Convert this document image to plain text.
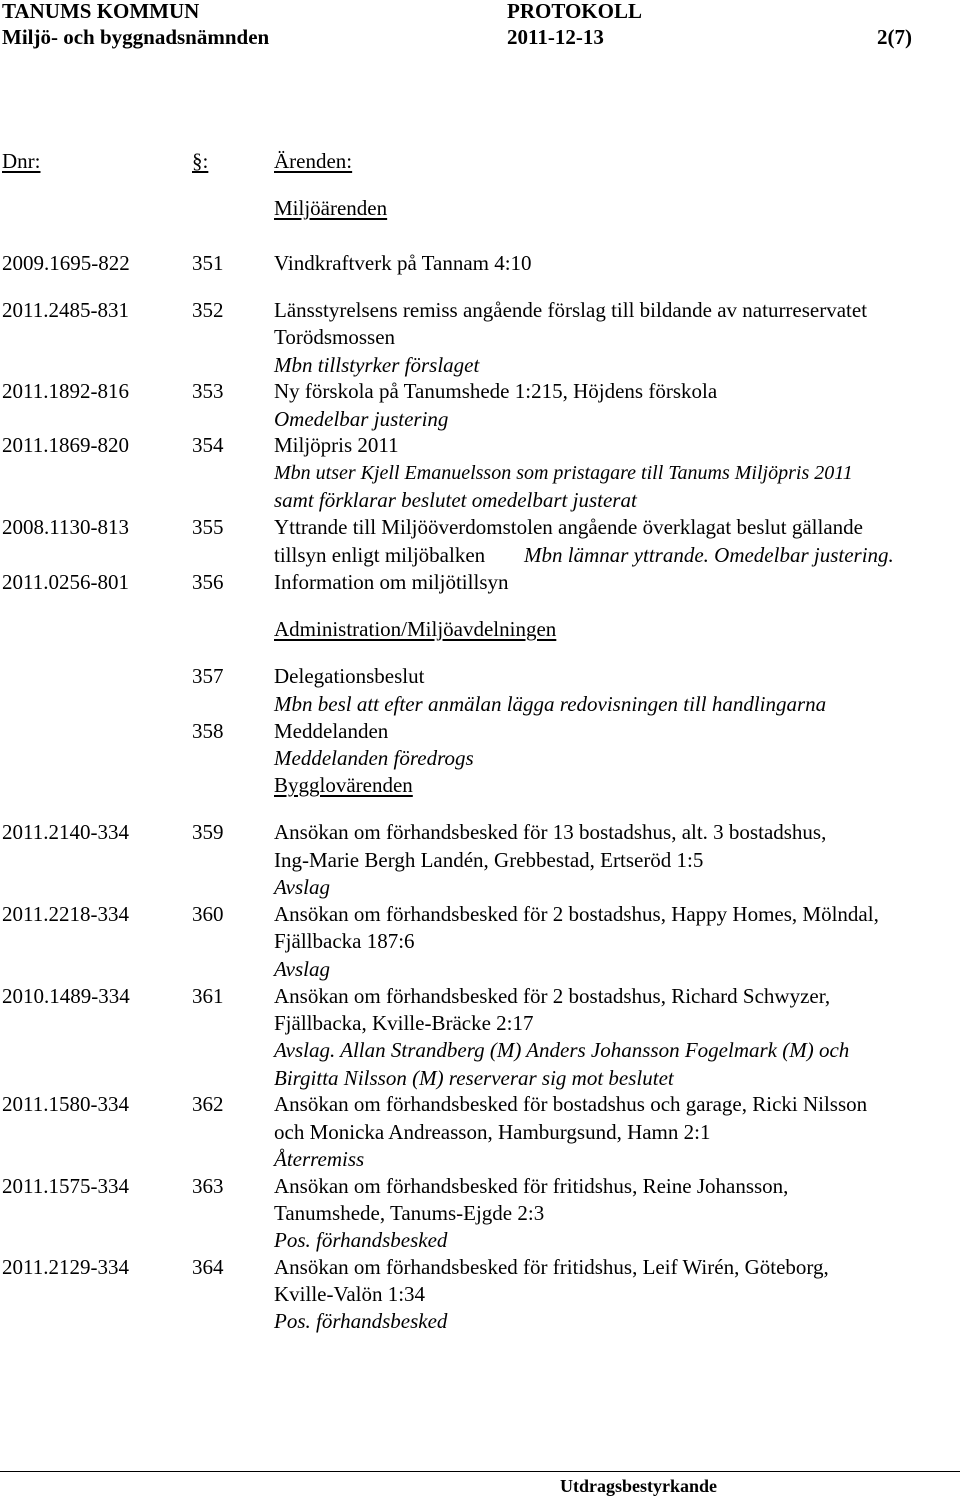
TANUMS KOMMUN	PROTOKOLL
Miljö- och byggnadsnämnden	2011-12-13	2(7)
Dnr:	§:	Ärenden:
Miljöärenden
2009.1695-822	351 Vindkraftverk på Tannam 4:10
2011.2485-831	352 Länsstyrelsens remiss angående förslag till bildande av naturreservatet
Torödsmossen
Mbn tillstyrker förslaget
2011.1892-816	353 Ny förskola på Tanumshede 1:215, Höjdens förskola
Omedelbar justering
2011.1869-820	354 Miljöpris 2011
Mbn utser Kjell Emanuelsson som pristagare till Tanums Miljöpris 2011
samt förklarar beslutet omedelbart justerat
2008.1130-813	355 Yttrande till Miljööverdomstolen angående överklagat beslut gällande
tillsyn enligt miljöbalken Mbn lämnar yttrande. Omedelbar justering.
2011.0256-801	356 Information om miljötillsyn
Administration/Miljöavdelningen
357 Delegationsbeslut
Mbn besl att efter anmälan lägga redovisningen till handlingarna
358 Meddelanden
Meddelanden föredrogs
Bygglovärenden
2011.2140-334	359 Ansökan om förhandsbesked för 13 bostadshus, alt. 3 bostadshus,
Ing-Marie Bergh Landén, Grebbestad, Ertseröd 1:5
Avslag
2011.2218-334	360 Ansökan om förhandsbesked för 2 bostadshus, Happy Homes, Mölndal,
Fjällbacka 187:6
Avslag
2010.1489-334	361 Ansökan om förhandsbesked för 2 bostadshus, Richard Schwyzer,
Fjällbacka, Kville-Bräcke 2:17
Avslag. Allan Strandberg (M) Anders Johansson Fogelmark (M) och
Birgitta Nilsson (M) reserverar sig mot beslutet
2011.1580-334	362 Ansökan om förhandsbesked för bostadshus och garage, Ricki Nilsson
och Monicka Andreasson, Hamburgsund, Hamn 2:1
Återremiss
2011.1575-334	363 Ansökan om förhandsbesked för fritidshus, Reine Johansson,
Tanumshede, Tanums-Ejgde 2:3
Pos. förhandsbesked
2011.2129-334	364 Ansökan om förhandsbesked för fritidshus, Leif Wirén, Göteborg,
Kville-Valön 1:34
Pos. förhandsbesked
Utdragsbestyrkande
